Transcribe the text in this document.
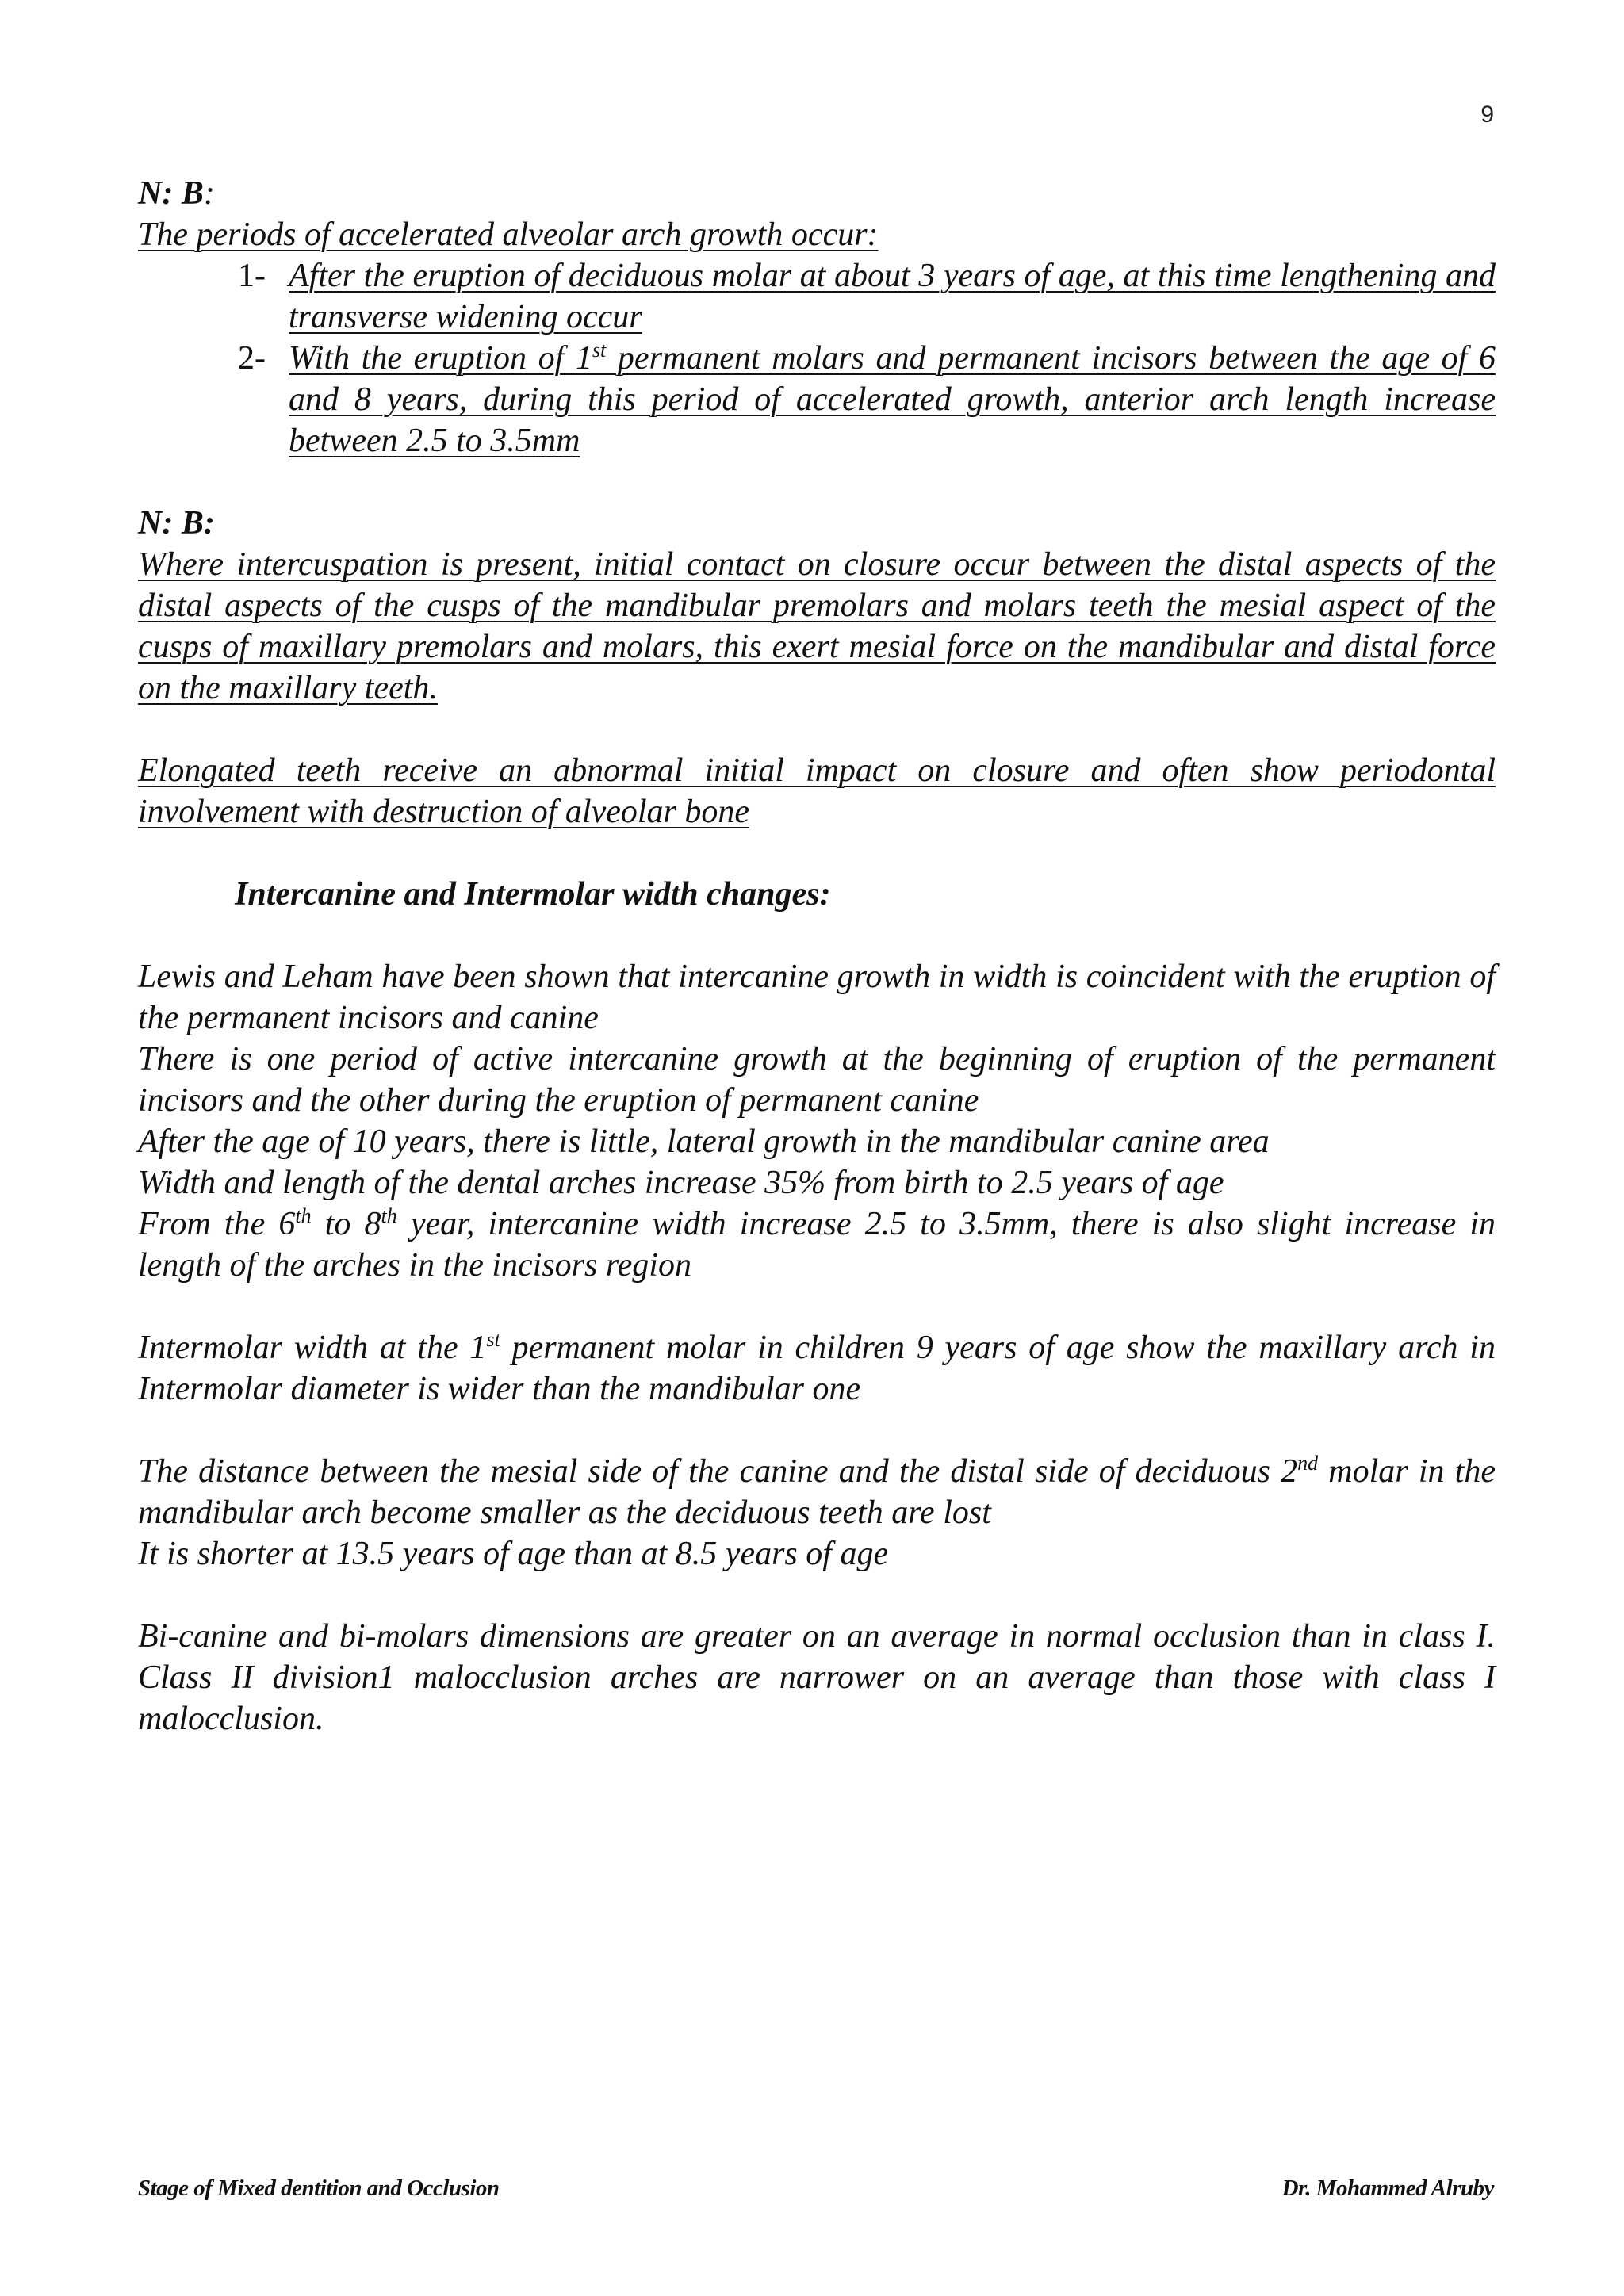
9

N: B:

The periods of accelerated alveolar arch growth occur:

1- After the eruption of deciduous molar at about 3 years of age, at this time lengthening and transverse widening occur
2- With the eruption of 1st permanent molars and permanent incisors between the age of 6 and 8 years, during this period of accelerated growth, anterior arch length increase between 2.5 to 3.5mm

N: B:

Where intercuspation is present, initial contact on closure occur between the distal aspects of the distal aspects of the cusps of the mandibular premolars and molars teeth the mesial aspect of the cusps of maxillary premolars and molars, this exert mesial force on the mandibular and distal force on the maxillary teeth.

Elongated teeth receive an abnormal initial impact on closure and often show periodontal involvement with destruction of alveolar bone

Intercanine and Intermolar width changes:

Lewis and Leham have been shown that intercanine growth in width is coincident with the eruption of the permanent incisors and canine

There is one period of active intercanine growth at the beginning of eruption of the permanent incisors and the other during the eruption of permanent canine

After the age of 10 years, there is little, lateral growth in the mandibular canine area

Width and length of the dental arches increase 35% from birth to 2.5 years of age

From the 6th to 8th year, intercanine width increase 2.5 to 3.5mm, there is also slight increase in length of the arches in the incisors region

Intermolar width at the 1st permanent molar in children 9 years of age show the maxillary arch in Intermolar diameter is wider than the mandibular one

The distance between the mesial side of the canine and the distal side of deciduous 2nd molar in the mandibular arch become smaller as the deciduous teeth are lost

It is shorter at 13.5 years of age than at 8.5 years of age

Bi-canine and bi-molars dimensions are greater on an average in normal occlusion than in class I. Class II division1 malocclusion arches are narrower on an average than those with class I malocclusion.

Stage of Mixed dentition and Occlusion	Dr. Mohammed Alruby
